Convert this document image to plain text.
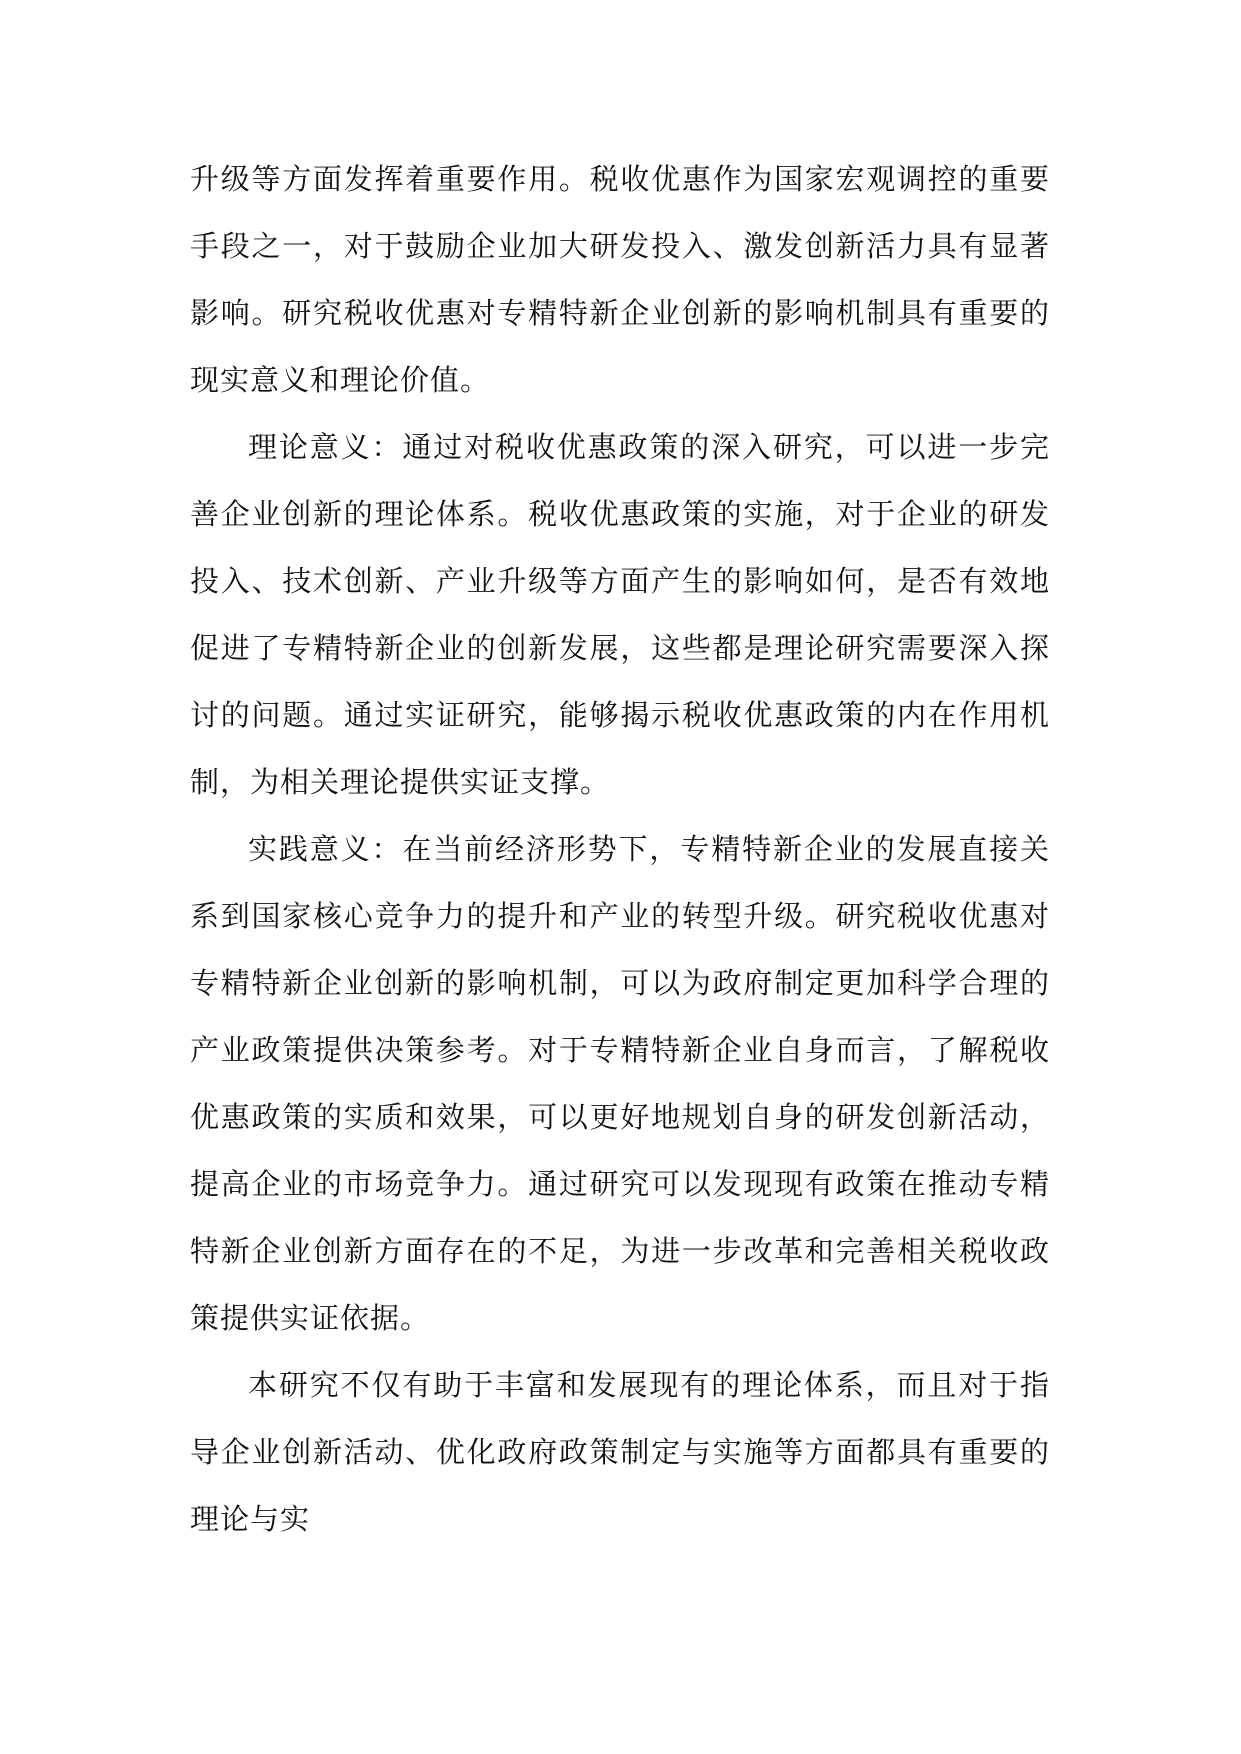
升级等方面发挥着重要作用。税收优惠作为国家宏观调控的重要手段之一，对于鼓励企业加大研发投入、激发创新活力具有显著影响。研究税收优惠对专精特新企业创新的影响机制具有重要的现实意义和理论价值。

理论意义：通过对税收优惠政策的深入研究，可以进一步完善企业创新的理论体系。税收优惠政策的实施，对于企业的研发投入、技术创新、产业升级等方面产生的影响如何，是否有效地促进了专精特新企业的创新发展，这些都是理论研究需要深入探讨的问题。通过实证研究，能够揭示税收优惠政策的内在作用机制，为相关理论提供实证支撑。

实践意义：在当前经济形势下，专精特新企业的发展直接关系到国家核心竞争力的提升和产业的转型升级。研究税收优惠对专精特新企业创新的影响机制，可以为政府制定更加科学合理的产业政策提供决策参考。对于专精特新企业自身而言，了解税收优惠政策的实质和效果，可以更好地规划自身的研发创新活动，提高企业的市场竞争力。通过研究可以发现现有政策在推动专精特新企业创新方面存在的不足，为进一步改革和完善相关税收政策提供实证依据。

本研究不仅有助于丰富和发展现有的理论体系，而且对于指导企业创新活动、优化政府政策制定与实施等方面都具有重要的理论与实
